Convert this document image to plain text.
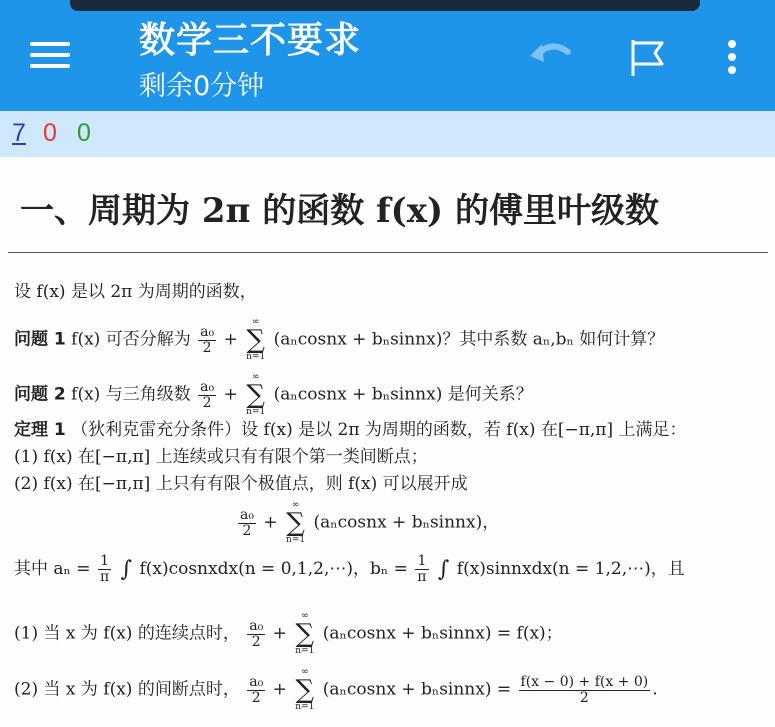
数学三不要求
剩余0分钟
7 0 0
一、周期为 2π 的函数 f(x) 的傅里叶级数
设 f(x) 是以 2π 为周期的函数，
问题 1 f(x) 可否分解为 $\frac{\text{a₀}}{2}$ +
∞
∑
n=1
(aₙcosnx + bₙsinnx)？其中系数 aₙ,bₙ 如何计算？
问题 2 f(x) 与三角级数 $\frac{\text{a₀}}{2}$ +
∞
∑
n=1
(aₙcosnx + bₙsinnx) 是何关系？
定理 1 （狄利克雷充分条件）设 f(x) 是以 2π 为周期的函数，若 f(x) 在[−π,π] 上满足：
(1) f(x) 在[−π,π] 上连续或只有有限个第一类间断点；
(2) f(x) 在[−π,π] 上只有有限个极值点，则 f(x) 可以展开成
$\frac{\text{a₀}}{2}$ +
∞
∑
n=1
(aₙcosnx + bₙsinnx)，
其中 $a_n = \frac{1}{\pi}$ ∫ f(x)cosnxdx(n = 0,1,2,⋯)，$b_n = \frac{1}{\pi}$ ∫ f(x)sinnxdx(n = 1,2,⋯)，且
(1) 当 x 为 f(x) 的连续点时， $\frac{\text{a₀}}{2}$ +
∞
∑
n=1
(aₙcosnx + bₙsinnx) = f(x)；
(2) 当 x 为 f(x) 的间断点时， $\frac{\text{a₀}}{2}$ +
∞
∑
n=1
(aₙcosnx + bₙsinnx) = $\frac{f(x - 0) + f(x + 0)}{2}$ .
